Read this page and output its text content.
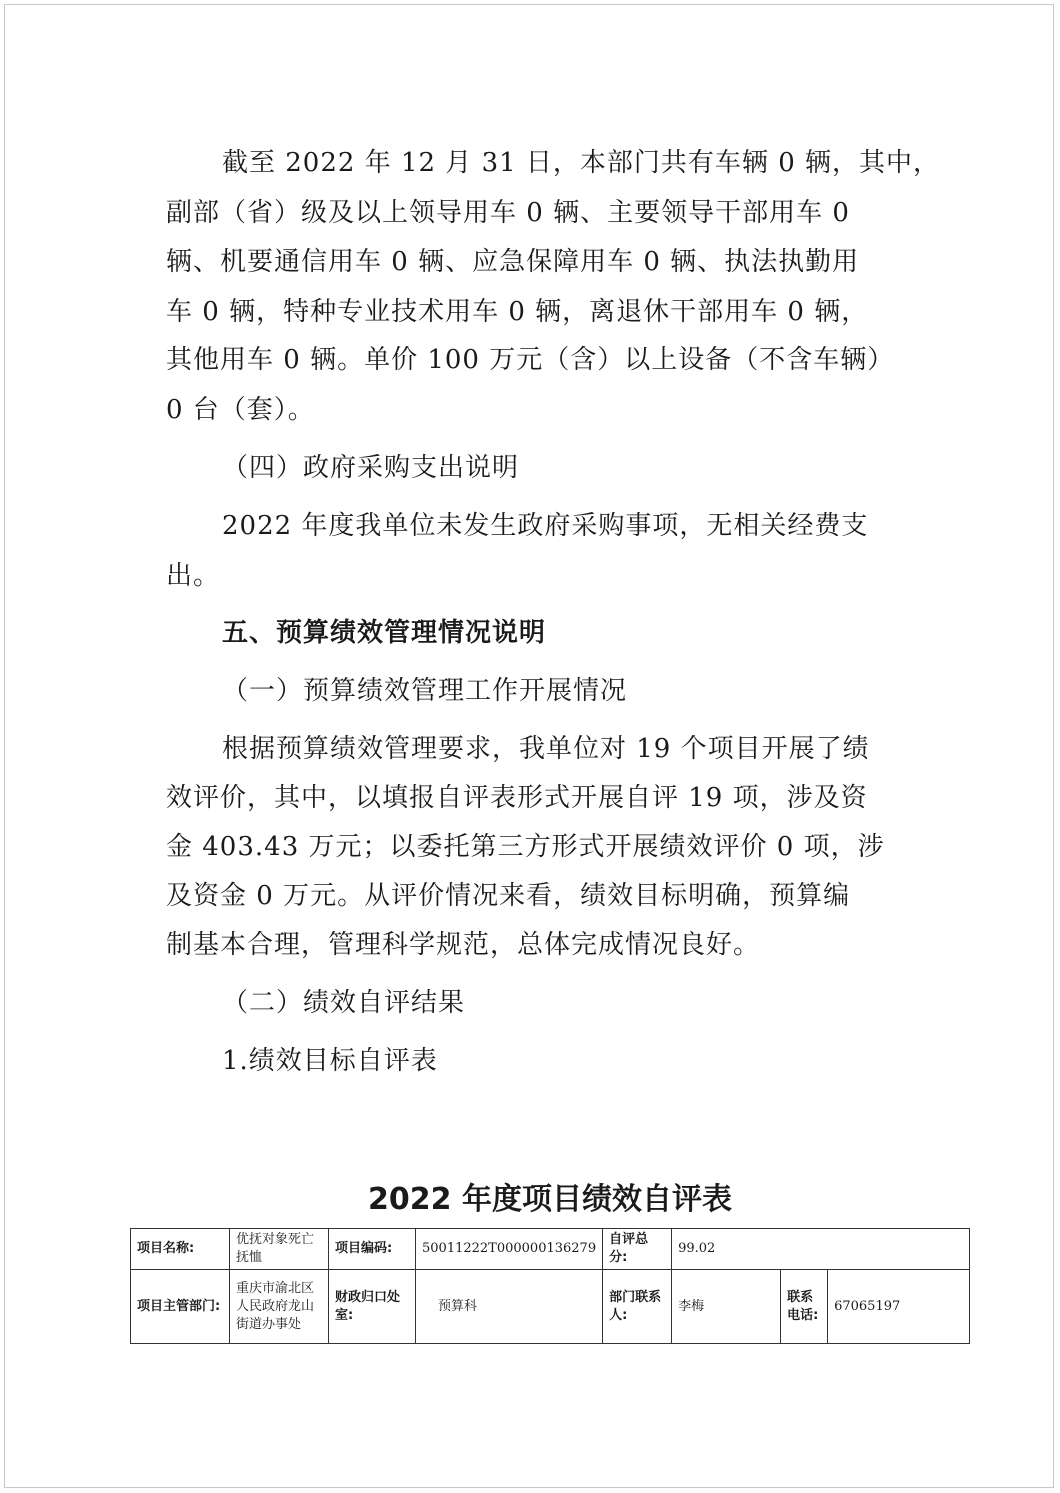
截至 2022 年 12 月 31 日，本部门共有车辆 0 辆，其中，
副部（省）级及以上领导用车 0 辆、主要领导干部用车 0
辆、机要通信用车 0 辆、应急保障用车 0 辆、执法执勤用
车 0 辆，特种专业技术用车 0 辆，离退休干部用车 0 辆，
其他用车 0 辆。单价 100 万元（含）以上设备（不含车辆）
0 台（套）。
（四）政府采购支出说明
2022 年度我单位未发生政府采购事项，无相关经费支
出。
五、预算绩效管理情况说明
（一）预算绩效管理工作开展情况
根据预算绩效管理要求，我单位对 19 个项目开展了绩
效评价，其中，以填报自评表形式开展自评 19 项，涉及资
金 403.43 万元；以委托第三方形式开展绩效评价 0 项，涉
及资金 0 万元。从评价情况来看，绩效目标明确，预算编
制基本合理，管理科学规范，总体完成情况良好。
（二）绩效自评结果
1.绩效目标自评表
2022 年度项目绩效自评表
项目名称:	优抚对象死亡抚恤	项目编码:	50011222T000000136279	自评总分:	99.02		
项目主管部门:	重庆市渝北区人民政府龙山街道办事处	财政归口处室:	预算科	部门联系人:	李梅	联系电话:	67065197
